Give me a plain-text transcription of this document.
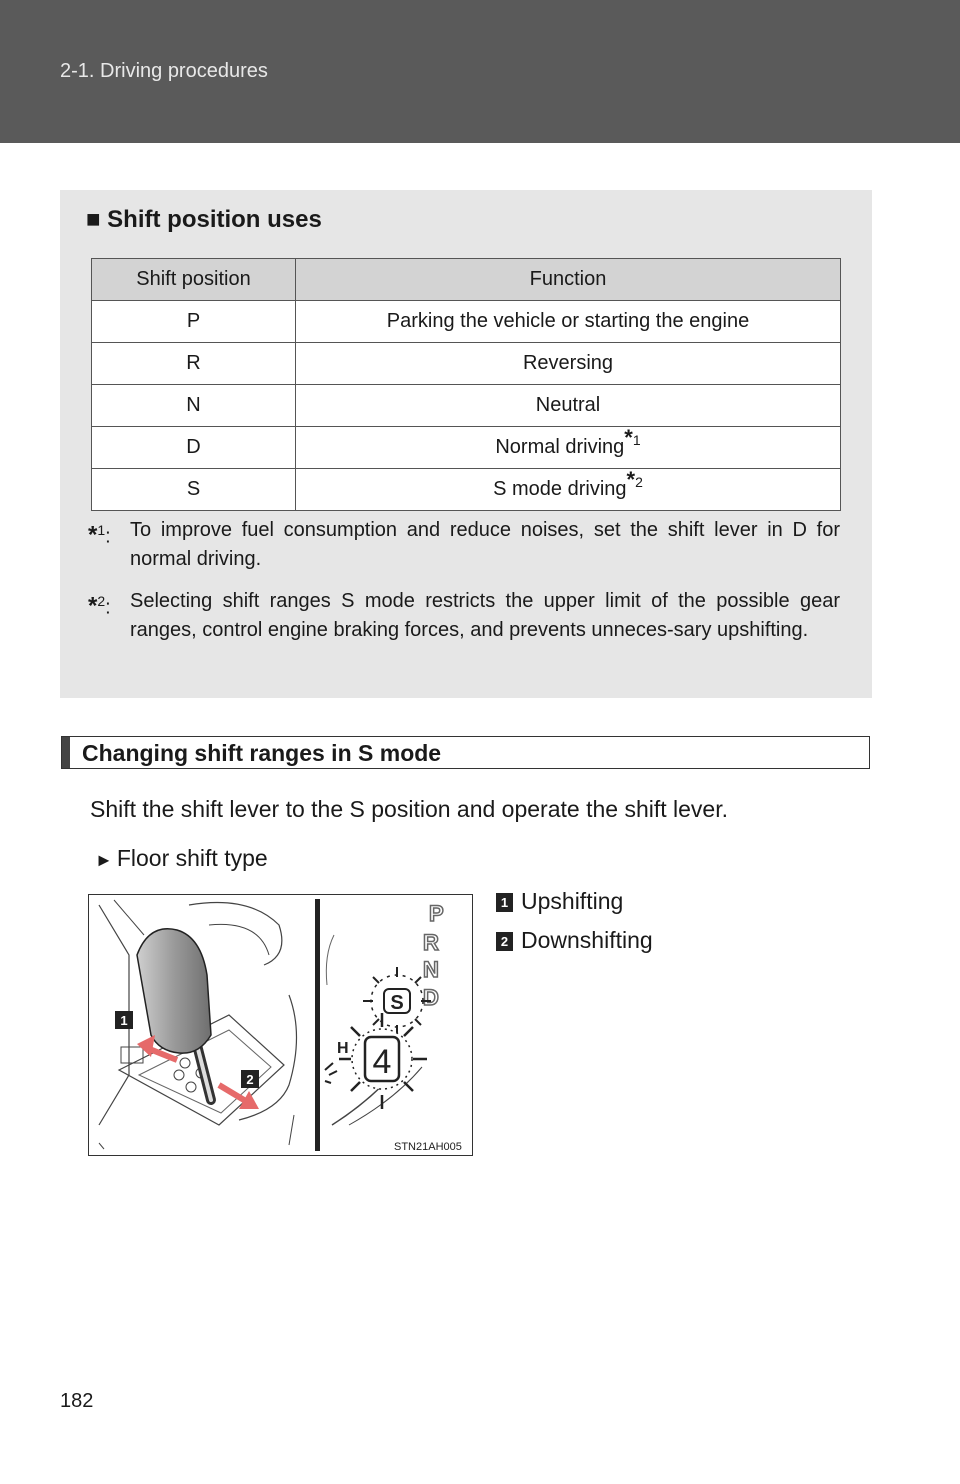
2-1. Driving procedures
■ Shift position uses
Shift position	Function
P	Parking the vehicle or starting the engine
R	Reversing
N	Neutral
D	Normal driving$^{*1}$
S	S mode driving$^{*2}$
*$^1$: To improve fuel consumption and reduce noises, set the shift lever in D for normal driving.
*$^2$: Selecting shift ranges S mode restricts the upper limit of the possible gear ranges, control engine braking forces, and prevents unneces-sary upshifting.
Changing shift ranges in S mode
Shift the shift lever to the S position and operate the shift lever.
► Floor shift type
1
2
P
R
N
D
S
4
H
STN21AH005
1 Upshifting
2 Downshifting
182
